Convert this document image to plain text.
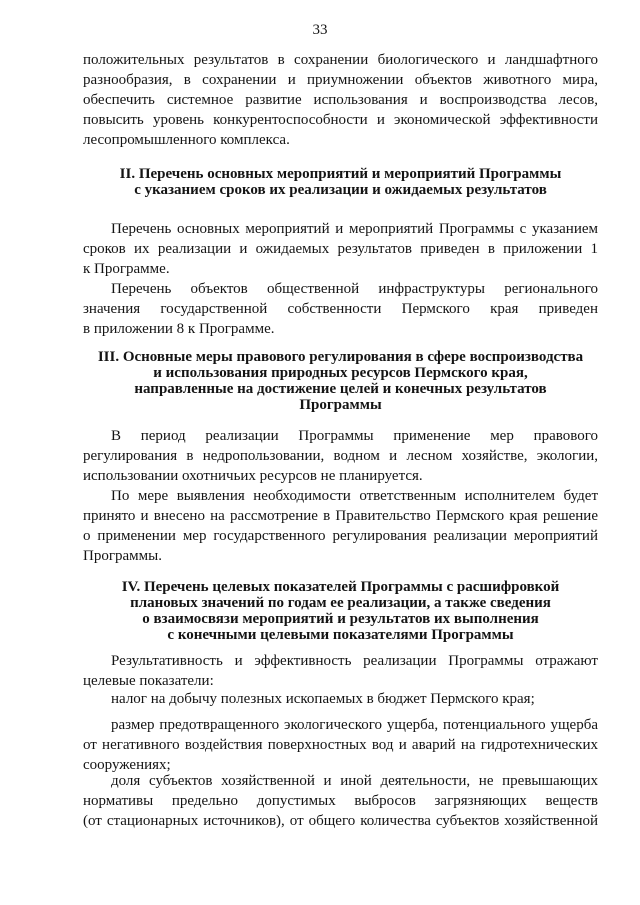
33
положительных результатов в сохранении биологического и ландшафтного
разнообразия, в сохранении и приумножении объектов животного мира,
обеспечить системное развитие использования и воспроизводства лесов,
повысить уровень конкурентоспособности и экономической эффективности
лесопромышленного комплекса.
II. Перечень основных мероприятий и мероприятий Программы
с указанием сроков их реализации и ожидаемых результатов
Перечень основных мероприятий и мероприятий Программы с указанием
сроков их реализации и ожидаемых результатов приведен в приложении 1
к Программе.
Перечень объектов общественной инфраструктуры регионального
значения государственной собственности Пермского края приведен
в приложении 8 к Программе.
III. Основные меры правового регулирования в сфере воспроизводства
и использования природных ресурсов Пермского края,
направленные на достижение целей и конечных результатов
Программы
В период реализации Программы применение мер правового
регулирования в недропользовании, водном и лесном хозяйстве, экологии,
использовании охотничьих ресурсов не планируется.
По мере выявления необходимости ответственным исполнителем будет
принято и внесено на рассмотрение в Правительство Пермского края решение
о применении мер государственного регулирования реализации мероприятий
Программы.
IV. Перечень целевых показателей Программы с расшифровкой
плановых значений по годам ее реализации, а также сведения
о взаимосвязи мероприятий и результатов их выполнения
с конечными целевыми показателями Программы
Результативность и эффективность реализации Программы отражают
целевые показатели:
налог на добычу полезных ископаемых в бюджет Пермского края;
размер предотвращенного экологического ущерба, потенциального ущерба
от негативного воздействия поверхностных вод и аварий на гидротехнических
сооружениях;
доля субъектов хозяйственной и иной деятельности, не превышающих
нормативы предельно допустимых выбросов загрязняющих веществ
(от стационарных источников), от общего количества субъектов хозяйственной
